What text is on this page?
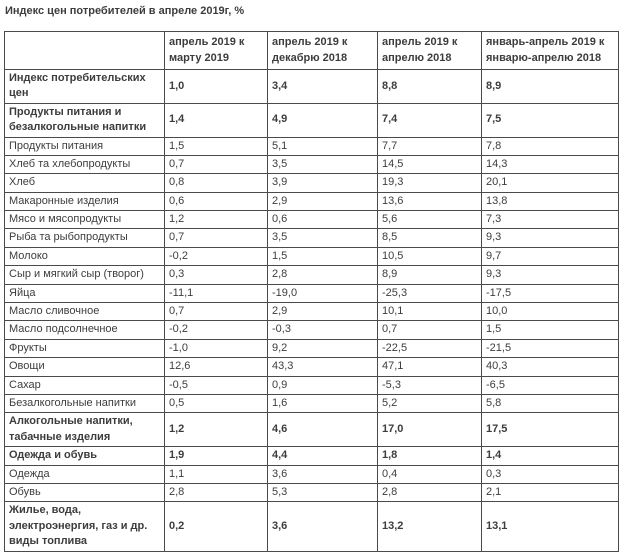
Индекс цен потребителей в апреле 2019г, %
	апрель 2019 к марту 2019	апрель 2019 к декабрю 2018	апрель 2019 к апрелю 2018	январь-апрель 2019 к январю-апрелю 2018
Индекс потребительских цен	1,0	3,4	8,8	8,9
Продукты питания и безалкогольные напитки	1,4	4,9	7,4	7,5
Продукты питания	1,5	5,1	7,7	7,8
Хлеб та хлебопродукты	0,7	3,5	14,5	14,3
Хлеб	0,8	3,9	19,3	20,1
Макаронные изделия	0,6	2,9	13,6	13,8
Мясо и мясопродукты	1,2	0,6	5,6	7,3
Рыба та рыбопродукты	0,7	3,5	8,5	9,3
Молоко	-0,2	1,5	10,5	9,7
Сыр и мягкий сыр (творог)	0,3	2,8	8,9	9,3
Яйца	-11,1	-19,0	-25,3	-17,5
Масло сливочное	0,7	2,9	10,1	10,0
Масло подсолнечное	-0,2	-0,3	0,7	1,5
Фрукты	-1,0	9,2	-22,5	-21,5
Овощи	12,6	43,3	47,1	40,3
Сахар	-0,5	0,9	-5,3	-6,5
Безалкогольные напитки	0,5	1,6	5,2	5,8
Алкогольные напитки, табачные изделия	1,2	4,6	17,0	17,5
Одежда и обувь	1,9	4,4	1,8	1,4
Одежда	1,1	3,6	0,4	0,3
Обувь	2,8	5,3	2,8	2,1
Жилье, вода, электроэнергия, газ и др. виды топлива	0,2	3,6	13,2	13,1
